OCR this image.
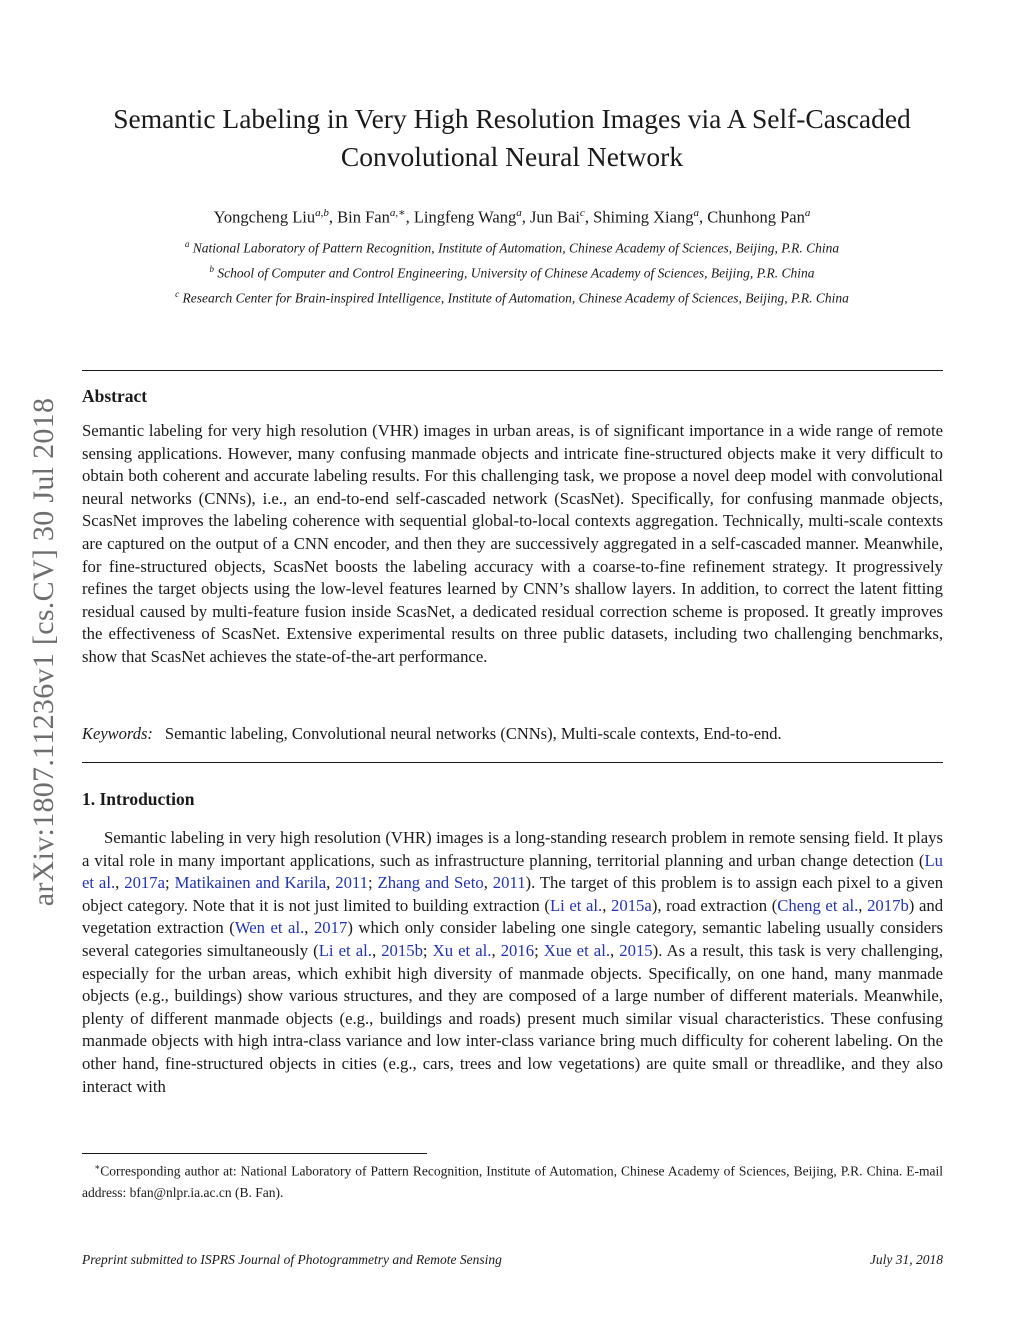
arXiv:1807.11236v1 [cs.CV] 30 Jul 2018
Semantic Labeling in Very High Resolution Images via A Self-Cascaded
Convolutional Neural Network
Yongcheng Liu$^{a,b}$, Bin Fan$^{a,∗}$, Lingfeng Wang$^a$, Jun Bai$^c$, Shiming Xiang$^a$, Chunhong Pan$^a$
$^a$ National Laboratory of Pattern Recognition, Institute of Automation, Chinese Academy of Sciences, Beijing, P.R. China
$^b$ School of Computer and Control Engineering, University of Chinese Academy of Sciences, Beijing, P.R. China
$^c$ Research Center for Brain-inspired Intelligence, Institute of Automation, Chinese Academy of Sciences, Beijing, P.R. China
Abstract

Semantic labeling for very high resolution (VHR) images in urban areas, is of significant importance in a wide range of remote sensing applications. However, many confusing manmade objects and intricate fine-structured objects make it very difficult to obtain both coherent and accurate labeling results. For this challenging task, we propose a novel deep model with convolutional neural networks (CNNs), i.e., an end-to-end self-cascaded network (ScasNet). Specifically, for confusing manmade objects, ScasNet improves the labeling coherence with sequential global-to-local contexts aggregation. Technically, multi-scale contexts are captured on the output of a CNN encoder, and then they are successively aggregated in a self-cascaded manner. Meanwhile, for fine-structured objects, ScasNet boosts the labeling accuracy with a coarse-to-fine refinement strategy. It progressively refines the target objects using the low-level features learned by CNN’s shallow layers. In addition, to correct the latent fitting residual caused by multi-feature fusion inside ScasNet, a dedicated residual correction scheme is proposed. It greatly improves the effectiveness of ScasNet. Extensive experimental results on three public datasets, including two challenging benchmarks, show that ScasNet achieves the state-of-the-art performance.

Keywords: Semantic labeling, Convolutional neural networks (CNNs), Multi-scale contexts, End-to-end.
1. Introduction

Semantic labeling in very high resolution (VHR) images is a long-standing research problem in remote sensing field. It plays a vital role in many important applications, such as infrastructure planning, territorial planning and urban change detection (Lu et al., 2017a; Matikainen and Karila, 2011; Zhang and Seto, 2011). The target of this problem is to assign each pixel to a given object category. Note that it is not just limited to building extraction (Li et al., 2015a), road extraction (Cheng et al., 2017b) and vegetation extraction (Wen et al., 2017) which only consider labeling one single category, semantic labeling usually considers several categories simultaneously (Li et al., 2015b; Xu et al., 2016; Xue et al., 2015). As a result, this task is very challenging, especially for the urban areas, which exhibit high diversity of manmade objects. Specifically, on one hand, many manmade objects (e.g., buildings) show various structures, and they are composed of a large number of different materials. Meanwhile, plenty of different manmade objects (e.g., buildings and roads) present much similar visual characteristics. These confusing manmade objects with high intra-class variance and low inter-class variance bring much difficulty for coherent labeling. On the other hand, fine-structured objects in cities (e.g., cars, trees and low vegetations) are quite small or threadlike, and they also interact with

∗Corresponding author at: National Laboratory of Pattern Recognition, Institute of Automation, Chinese Academy of Sciences, Beijing, P.R. China. E-mail address: bfan@nlpr.ia.ac.cn (B. Fan).

Preprint submitted to ISPRS Journal of Photogrammetry and Remote Sensing	July 31, 2018
